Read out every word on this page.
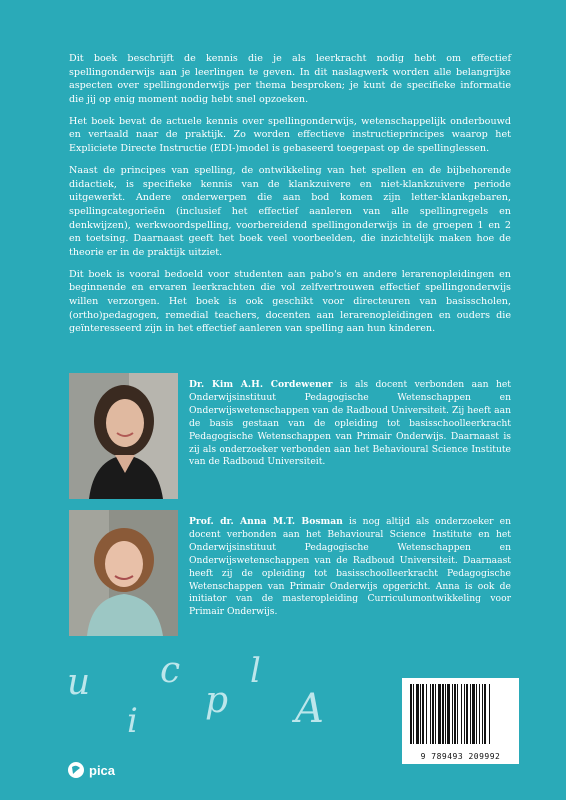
Dit boek beschrijft de kennis die je als leerkracht nodig hebt om effectief spellingonderwijs aan je leerlingen te geven. In dit naslagwerk worden alle belangrijke aspecten over spellingonderwijs per thema besproken; je kunt de specifieke informatie die jij op enig moment nodig hebt snel opzoeken.

Het boek bevat de actuele kennis over spellingonderwijs, wetenschappelijk onderbouwd en vertaald naar de praktijk. Zo worden effectieve instructieprincipes waarop het Expliciete Directe Instructie (EDI-)model is gebaseerd toegepast op de spellinglessen.

Naast de principes van spelling, de ontwikkeling van het spellen en de bijbehorende didactiek, is specifieke kennis van de klankzuivere en niet-klankzuivere periode uitgewerkt. Andere onderwerpen die aan bod komen zijn letter-klankgebaren, spellingcategorieën (inclusief het effectief aanleren van alle spellingregels en denkwijzen), werkwoordspelling, voorbereidend spellingonderwijs in de groepen 1 en 2 en toetsing. Daarnaast geeft het boek veel voorbeelden, die inzichtelijk maken hoe de theorie er in de praktijk uitziet.

Dit boek is vooral bedoeld voor studenten aan pabo's en andere lerarenopleidingen en beginnende en ervaren leerkrachten die vol zelfvertrouwen effectief spellingonderwijs willen verzorgen. Het boek is ook geschikt voor directeuren van basisscholen, (ortho)pedagogen, remedial teachers, docenten aan lerarenopleidingen en ouders die geïnteresseerd zijn in het effectief aanleren van spelling aan hun kinderen.

Dr. Kim A.H. Cordewener is als docent verbonden aan het Onderwijsinstituut Pedagogische Wetenschappen en Onderwijswetenschappen van de Radboud Universiteit. Zij heeft aan de basis gestaan van de opleiding tot basisschoolleerkracht Pedagogische Wetenschappen van Primair Onderwijs. Daarnaast is zij als onderzoeker verbonden aan het Behavioural Science Institute van de Radboud Universiteit.
Prof. dr. Anna M.T. Bosman is nog altijd als onderzoeker en docent verbonden aan het Behavioural Science Institute en het Onderwijsinstituut Pedagogische Wetenschappen en Onderwijswetenschappen van de Radboud Universiteit. Daarnaast heeft zij de opleiding tot basisschoolleerkracht Pedagogische Wetenschappen van Primair Onderwijs opgericht. Anna is ook de initiator van de masteropleiding Curriculumontwikkeling voor Primair Onderwijs.
u
i
c
p
l
A
9 789493 209992
pica
